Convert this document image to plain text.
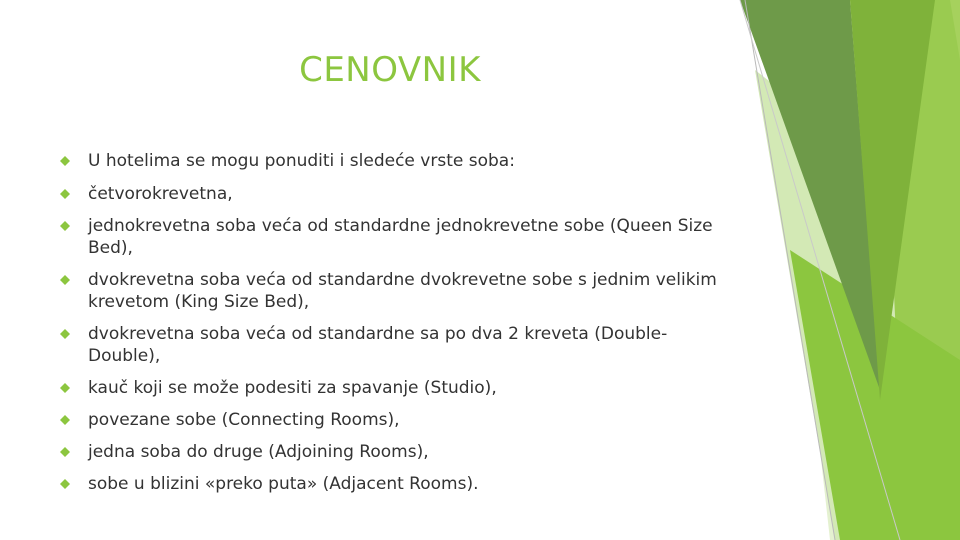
CENOVNIK
U hotelima se mogu ponuditi i sledeće vrste soba:
četvorokrevetna,
jednokrevetna soba veća od standardne jednokrevetne sobe (Queen Size Bed),
dvokrevetna soba veća od standardne dvokrevetne sobe s jednim velikim krevetom (King Size Bed),
dvokrevetna soba veća od standardne sa po dva 2 kreveta (Double-Double),
kauč koji se može podesiti za spavanje (Studio),
povezane sobe (Connecting Rooms),
jedna soba do druge (Adjoining Rooms),
sobe u blizini «preko puta» (Adjacent Rooms).
